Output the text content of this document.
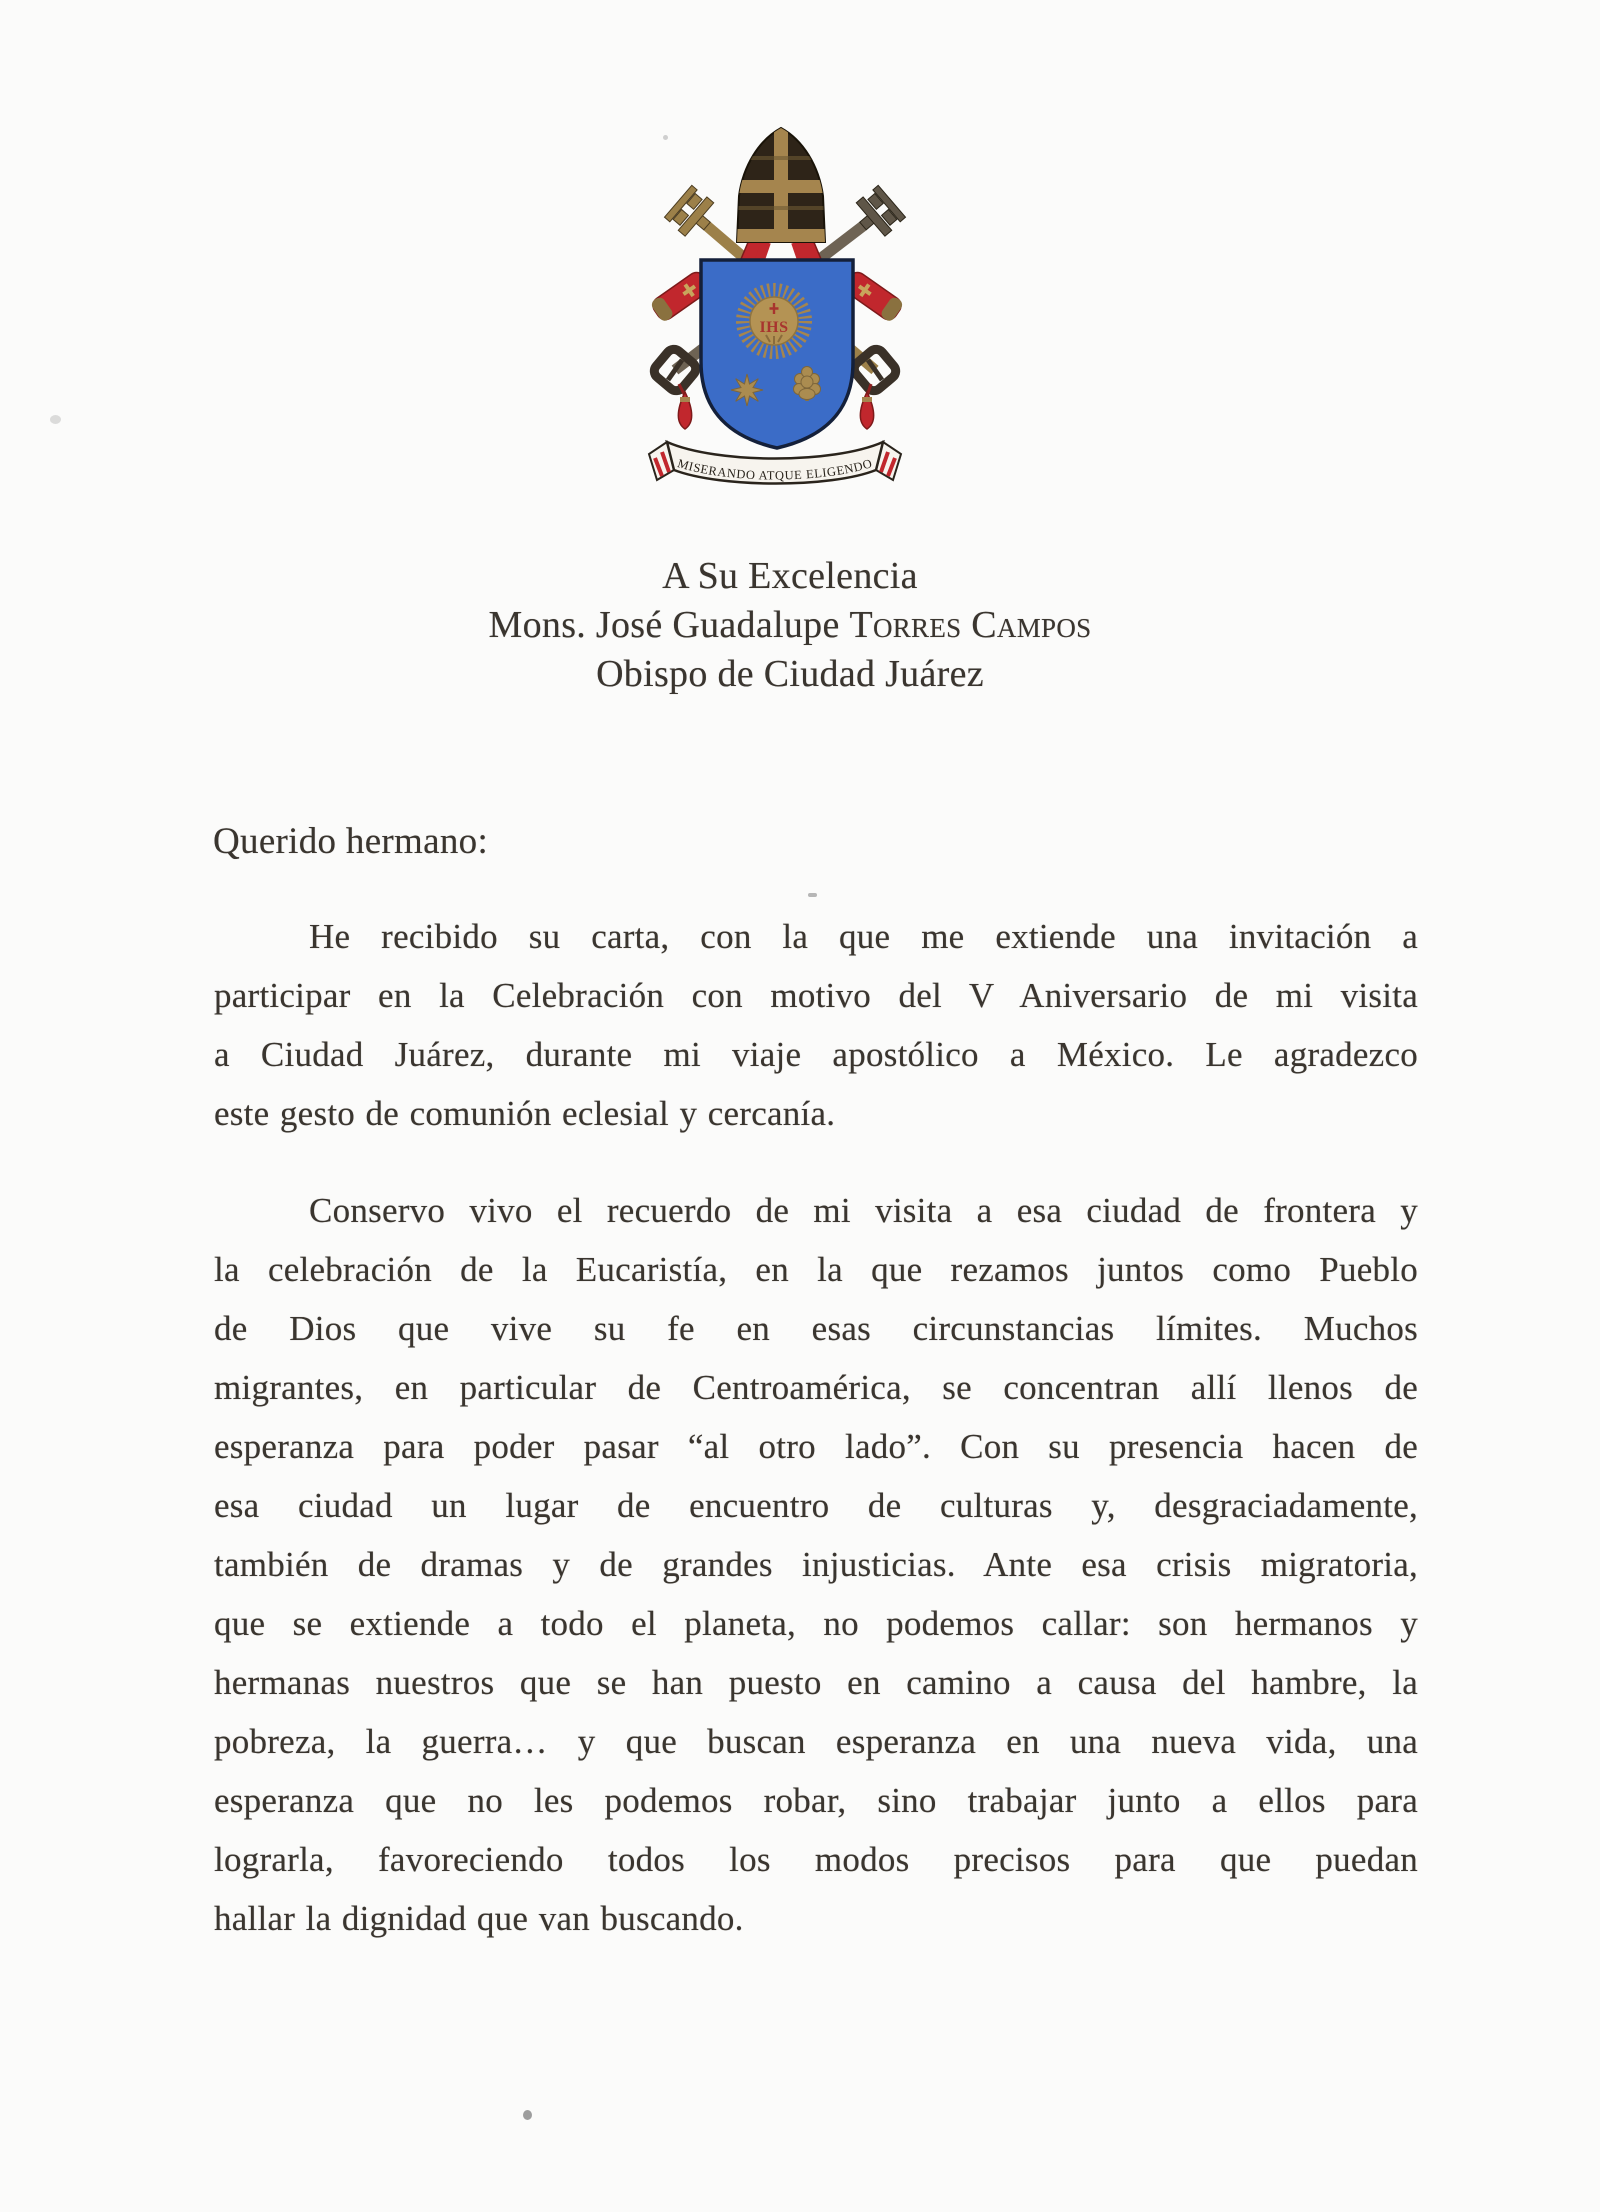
IHS
MISERANDO ATQUE ELIGENDO
A Su Excelencia
Mons. José Guadalupe Torres Campos
Obispo de Ciudad Juárez
Querido hermano:
He recibido su carta, con la que me extiende una invitación a
participar en la Celebración con motivo del V Aniversario de mi visita
a Ciudad Juárez, durante mi viaje apostólico a México. Le agradezco
este gesto de comunión eclesial y cercanía.
Conservo vivo el recuerdo de mi visita a esa ciudad de frontera y
la celebración de la Eucaristía, en la que rezamos juntos como Pueblo
de Dios que vive su fe en esas circunstancias límites. Muchos
migrantes, en particular de Centroamérica, se concentran allí llenos de
esperanza para poder pasar “al otro lado”. Con su presencia hacen de
esa ciudad un lugar de encuentro de culturas y, desgraciadamente,
también de dramas y de grandes injusticias. Ante esa crisis migratoria,
que se extiende a todo el planeta, no podemos callar: son hermanos y
hermanas nuestros que se han puesto en camino a causa del hambre, la
pobreza, la guerra… y que buscan esperanza en una nueva vida, una
esperanza que no les podemos robar, sino trabajar junto a ellos para
lograrla, favoreciendo todos los modos precisos para que puedan
hallar la dignidad que van buscando.
